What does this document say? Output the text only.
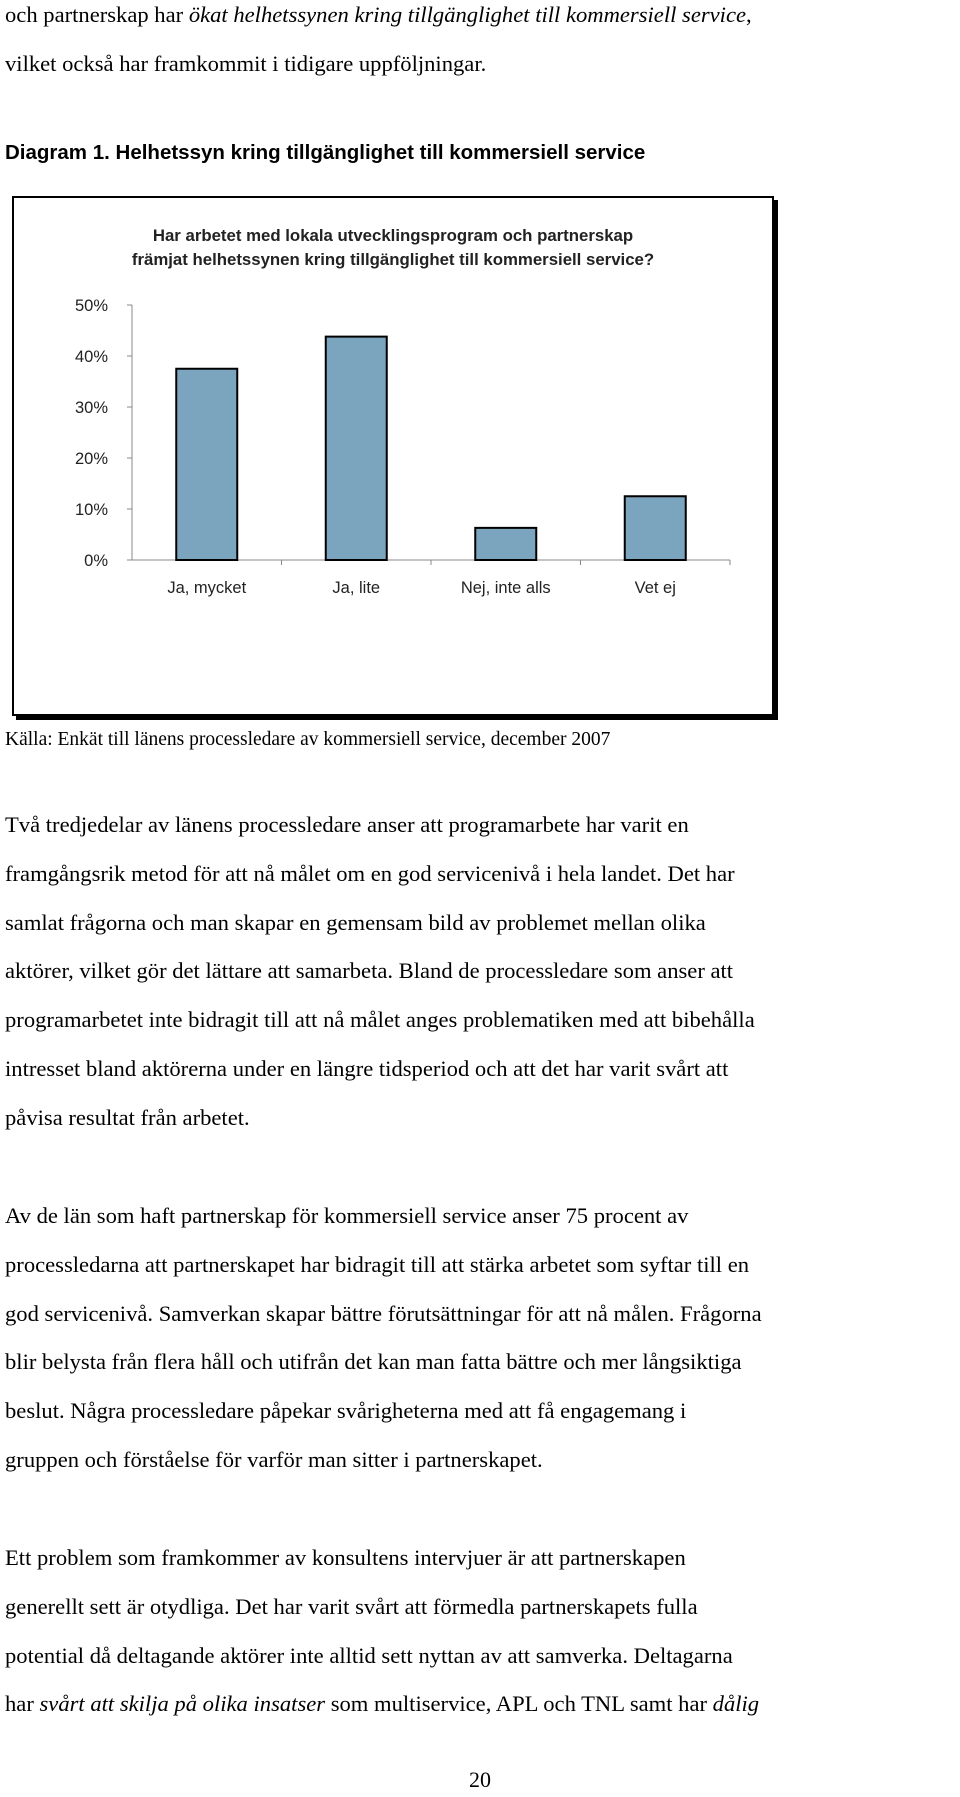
och partnerskap har ökat helhetssynen kring tillgänglighet till kommersiell service,

vilket också har framkommit i tidigare uppföljningar.

Diagram 1. Helhetssyn kring tillgänglighet till kommersiell service
Har arbetet med lokala utvecklingsprogram och partnerskap
främjat helhetssynen kring tillgänglighet till kommersiell service?
0%
10%
20%
30%
40%
50%
Ja, mycket	Ja, lite	Nej, inte alls	Vet ej
Källa: Enkät till länens processledare av kommersiell service, december 2007

Två tredjedelar av länens processledare anser att programarbete har varit en

framgångsrik metod för att nå målet om en god servicenivå i hela landet. Det har

samlat frågorna och man skapar en gemensam bild av problemet mellan olika

aktörer, vilket gör det lättare att samarbeta. Bland de processledare som anser att

programarbetet inte bidragit till att nå målet anges problematiken med att bibehålla

intresset bland aktörerna under en längre tidsperiod och att det har varit svårt att

påvisa resultat från arbetet.

Av de län som haft partnerskap för kommersiell service anser 75 procent av

processledarna att partnerskapet har bidragit till att stärka arbetet som syftar till en

god servicenivå. Samverkan skapar bättre förutsättningar för att nå målen. Frågorna

blir belysta från flera håll och utifrån det kan man fatta bättre och mer långsiktiga

beslut. Några processledare påpekar svårigheterna med att få engagemang i

gruppen och förståelse för varför man sitter i partnerskapet.

Ett problem som framkommer av konsultens intervjuer är att partnerskapen

generellt sett är otydliga. Det har varit svårt att förmedla partnerskapets fulla

potential då deltagande aktörer inte alltid sett nyttan av att samverka. Deltagarna

har svårt att skilja på olika insatser som multiservice, APL och TNL samt har dålig

20
